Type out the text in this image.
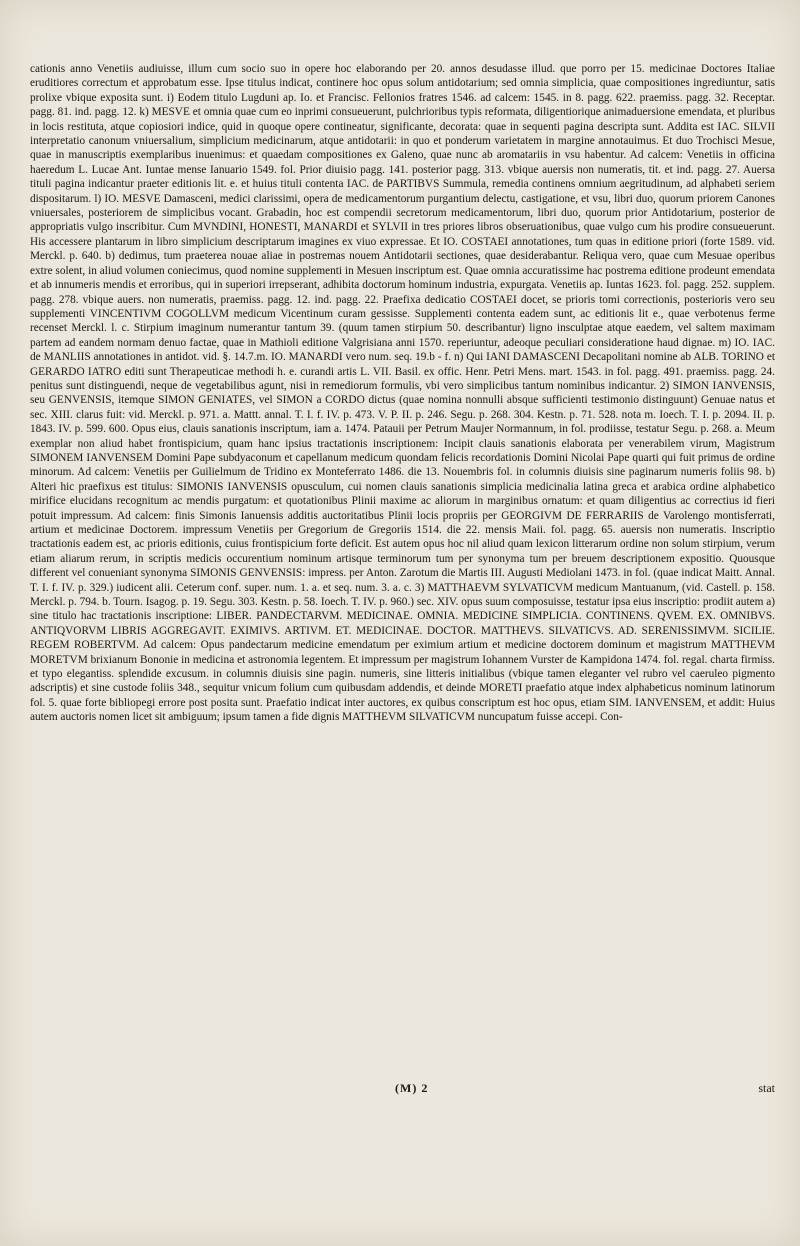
cationis anno Venetiis audiuisse, illum cum socio suo in opere hoc elaborando per 20. annos desudasse illud. que porro per 15. medicinae Doctores Italiae eruditiores correctum et approbatum esse. Ipse titulus indicat, continere hoc opus solum antidotarium; sed omnia simplicia, quae compositiones ingrediuntur, satis prolixe vbique exposita sunt. i) Eodem titulo Lugduni ap. Io. et Francisc. Fellonios fratres 1546. ad calcem: 1545. in 8. pagg. 622. praemiss. pagg. 32. Receptar. pagg. 81. ind. pagg. 12. k) MESVE et omnia quae cum eo inprimi consueuerunt, pulchrioribus typis reformata, diligentiorique animaduersione emendata, et pluribus in locis restituta, atque copiosiori indice, quid in quoque opere contineatur, significante, decorata: quae in sequenti pagina descripta sunt. Addita est IAC. SILVII interpretatio canonum vniuersalium, simplicium medicinarum, atque antidotarii: in quo et ponderum varietatem in margine annotauimus. Et duo Trochisci Mesue, quae in manuscriptis exemplaribus inuenimus: et quaedam compositiones ex Galeno, quae nunc ab aromatariis in vsu habentur. Ad calcem: Venetiis in officina haeredum L. Lucae Ant. Iuntae mense Ianuario 1549. fol. Prior diuisio pagg. 141. posterior pagg. 313. vbique auersis non numeratis, tit. et ind. pagg. 27. Auersa tituli pagina indicantur praeter editionis lit. e. et huius tituli contenta IAC. de PARTIBVS Summula, remedia continens omnium aegritudinum, ad alphabeti seriem dispositarum. l) IO. MESVE Damasceni, medici clarissimi, opera de medicamentorum purgantium delectu, castigatione, et vsu, libri duo, quorum priorem Canones vniuersales, posteriorem de simplicibus vocant. Grabadin, hoc est compendii secretorum medicamentorum, libri duo, quorum prior Antidotarium, posterior de appropriatis vulgo inscribitur. Cum MVNDINI, HONESTI, MANARDI et SYLVII in tres priores libros obseruationibus, quae vulgo cum his prodire consueuerunt. His accessere plantarum in libro simplicium descriptarum imagines ex viuo expressae. Et IO. COSTAEI annotationes, tum quas in editione priori (forte 1589. vid. Merckl. p. 640. b) dedimus, tum praeterea nouae aliae in postremas nouem Antidotarii sectiones, quae desiderabantur. Reliqua vero, quae cum Mesuae operibus extre solent, in aliud volumen coniecimus, quod nomine supplementi in Mesuen inscriptum est. Quae omnia accuratissime hac postrema editione prodeunt emendata et ab innumeris mendis et erroribus, qui in superiori irrepserant, adhibita doctorum hominum industria, expurgata. Venetiis ap. Iuntas 1623. fol. pagg. 252. supplem. pagg. 278. vbique auers. non numeratis, praemiss. pagg. 12. ind. pagg. 22. Praefixa dedicatio COSTAEI docet, se prioris tomi correctionis, posterioris vero seu supplementi VINCENTIVM COGOLLVM medicum Vicentinum curam gessisse. Supplementi contenta eadem sunt, ac editionis lit e., quae verbotenus ferme recenset Merckl. l. c. Stirpium imaginum numerantur tantum 39. (quum tamen stirpium 50. describantur) ligno insculptae atque eaedem, vel saltem maximam partem ad eandem normam denuo factae, quae in Mathioli editione Valgrisiana anni 1570. reperiuntur, adeoque peculiari consideratione haud dignae. m) IO. IAC. de MANLIIS annotationes in antidot. vid. §. 14.7.m. IO. MANARDI vero num. seq. 19.b - f. n) Qui IANI DAMASCENI Decapolitani nomine ab ALB. TORINO et GERARDO IATRO editi sunt Therapeuticae methodi h. e. curandi artis L. VII. Basil. ex offic. Henr. Petri Mens. mart. 1543. in fol. pagg. 491. praemiss. pagg. 24. penitus sunt distinguendi, neque de vegetabilibus agunt, nisi in remediorum formulis, vbi vero simplicibus tantum nominibus indicantur. 2) SIMON IANVENSIS, seu GENVENSIS, itemque SIMON GENIATES, vel SIMON a CORDO dictus (quae nomina nonnulli absque sufficienti testimonio distinguunt) Genuae natus et sec. XIII. clarus fuit: vid. Merckl. p. 971. a. Mattt. annal. T. I. f. IV. p. 473. V. P. II. p. 246. Segu. p. 268. 304. Kestn. p. 71. 528. nota m. Ioech. T. I. p. 2094. II. p. 1843. IV. p. 599. 600. Opus eius, clauis sanationis inscriptum, iam a. 1474. Patauii per Petrum Maujer Normannum, in fol. prodiisse, testatur Segu. p. 268. a. Meum exemplar non aliud habet frontispicium, quam hanc ipsius tractationis inscriptionem: Incipit clauis sanationis elaborata per venerabilem virum, Magistrum SIMONEM IANVENSEM Domini Pape subdyaconum et capellanum medicum quondam felicis recordationis Domini Nicolai Pape quarti qui fuit primus de ordine minorum. Ad calcem: Venetiis per Guilielmum de Tridino ex Monteferrato 1486. die 13. Nouembris fol. in columnis diuisis sine paginarum numeris foliis 98. b) Alteri hic praefixus est titulus: SIMONIS IANVENSIS opusculum, cui nomen clauis sanationis simplicia medicinalia latina greca et arabica ordine alphabetico mirifice elucidans recognitum ac mendis purgatum: et quotationibus Plinii maxime ac aliorum in marginibus ornatum: et quam diligentius ac correctius id fieri potuit impressum. Ad calcem: finis Simonis Ianuensis additis auctoritatibus Plinii locis propriis per GEORGIVM DE FERRARIIS de Varolengo montisferrati, artium et medicinae Doctorem. impressum Venetiis per Gregorium de Gregoriis 1514. die 22. mensis Maii. fol. pagg. 65. auersis non numeratis. Inscriptio tractationis eadem est, ac prioris editionis, cuius frontispicium forte deficit. Est autem opus hoc nil aliud quam lexicon litterarum ordine non solum stirpium, verum etiam aliarum rerum, in scriptis medicis occurentium nominum artisque terminorum tum per synonyma tum per breuem descriptionem expositio. Quousque different vel conueniant synonyma SIMONIS GENVENSIS: impress. per Anton. Zarotum die Martis III. Augusti Mediolani 1473. in fol. (quae indicat Maitt. Annal. T. I. f. IV. p. 329.) iudicent alii. Ceterum conf. super. num. 1. a. et seq. num. 3. a. c. 3) MATTHAEVM SYLVATICVM medicum Mantuanum, (vid. Castell. p. 158. Merckl. p. 794. b. Tourn. Isagog. p. 19. Segu. 303. Kestn. p. 58. Ioech. T. IV. p. 960.) sec. XIV. opus suum composuisse, testatur ipsa eius inscriptio: prodiit autem a) sine titulo hac tractationis inscriptione: LIBER. PANDECTARVM. MEDICINAE. OMNIA. MEDICINE SIMPLICIA. CONTINENS. QVEM. EX. OMNIBVS. ANTIQVORVM LIBRIS AGGREGAVIT. EXIMIVS. ARTIVM. ET. MEDICINAE. DOCTOR. MATTHEVS. SILVATICVS. AD. SERENISSIMVM. SICILIE. REGEM ROBERTVM. Ad calcem: Opus pandectarum medicine emendatum per eximium artium et medicine doctorem dominum et magistrum MATTHEVM MORETVM brixianum Bononie in medicina et astronomia legentem. Et impressum per magistrum Iohannem Vurster de Kampidona 1474. fol. regal. charta firmiss. et typo elegantiss. splendide excusum. in columnis diuisis sine pagin. numeris, sine litteris initialibus (vbique tamen eleganter vel rubro vel caeruleo pigmento adscriptis) et sine custode foliis 348., sequitur vnicum folium cum quibusdam addendis, et deinde MORETI praefatio atque index alphabeticus nominum latinorum fol. 5. quae forte bibliopegi errore post posita sunt. Praefatio indicat inter auctores, ex quibus conscriptum est hoc opus, etiam SIM. IANVENSEM, et addit: Huius autem auctoris nomen licet sit ambiguum; ipsum tamen a fide dignis MATTHEVM SILVATICVM nuncupatum fuisse accepi. Con-

(M) 2	stat
